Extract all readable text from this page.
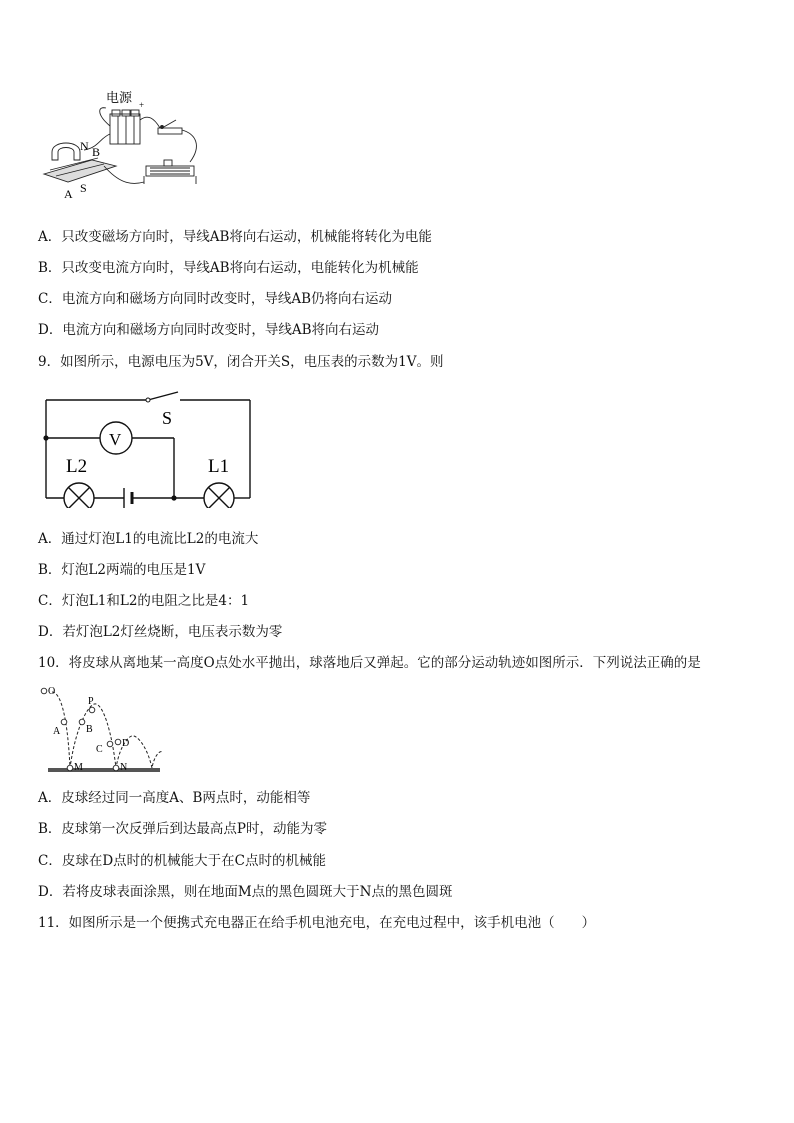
电源 +
-
N B
A S
A．只改变磁场方向时，导线AB将向右运动，机械能将转化为电能
B．只改变电流方向时，导线AB将向右运动，电能转化为机械能
C．电流方向和磁场方向同时改变时，导线AB仍将向右运动
D．电流方向和磁场方向同时改变时，导线AB将向右运动
9．如图所示，电源电压为5V，闭合开关S，电压表的示数为1V。则
S
V
L2	L1
A．通过灯泡L1的电流比L2的电流大
B．灯泡L2两端的电压是1V
C．灯泡L1和L2的电阻之比是4：1
D．若灯泡L2灯丝烧断，电压表示数为零
10．将皮球从离地某一高度O点处水平抛出，球落地后又弹起。它的部分运动轨迹如图所示．下列说法正确的是
O
P
A	B
C
D
M	N
A．皮球经过同一高度A、B两点时，动能相等
B．皮球第一次反弹后到达最高点P时，动能为零
C．皮球在D点时的机械能大于在C点时的机械能
D．若将皮球表面涂黑，则在地面M点的黑色圆斑大于N点的黑色圆斑
11．如图所示是一个便携式充电器正在给手机电池充电，在充电过程中，该手机电池（　　）
